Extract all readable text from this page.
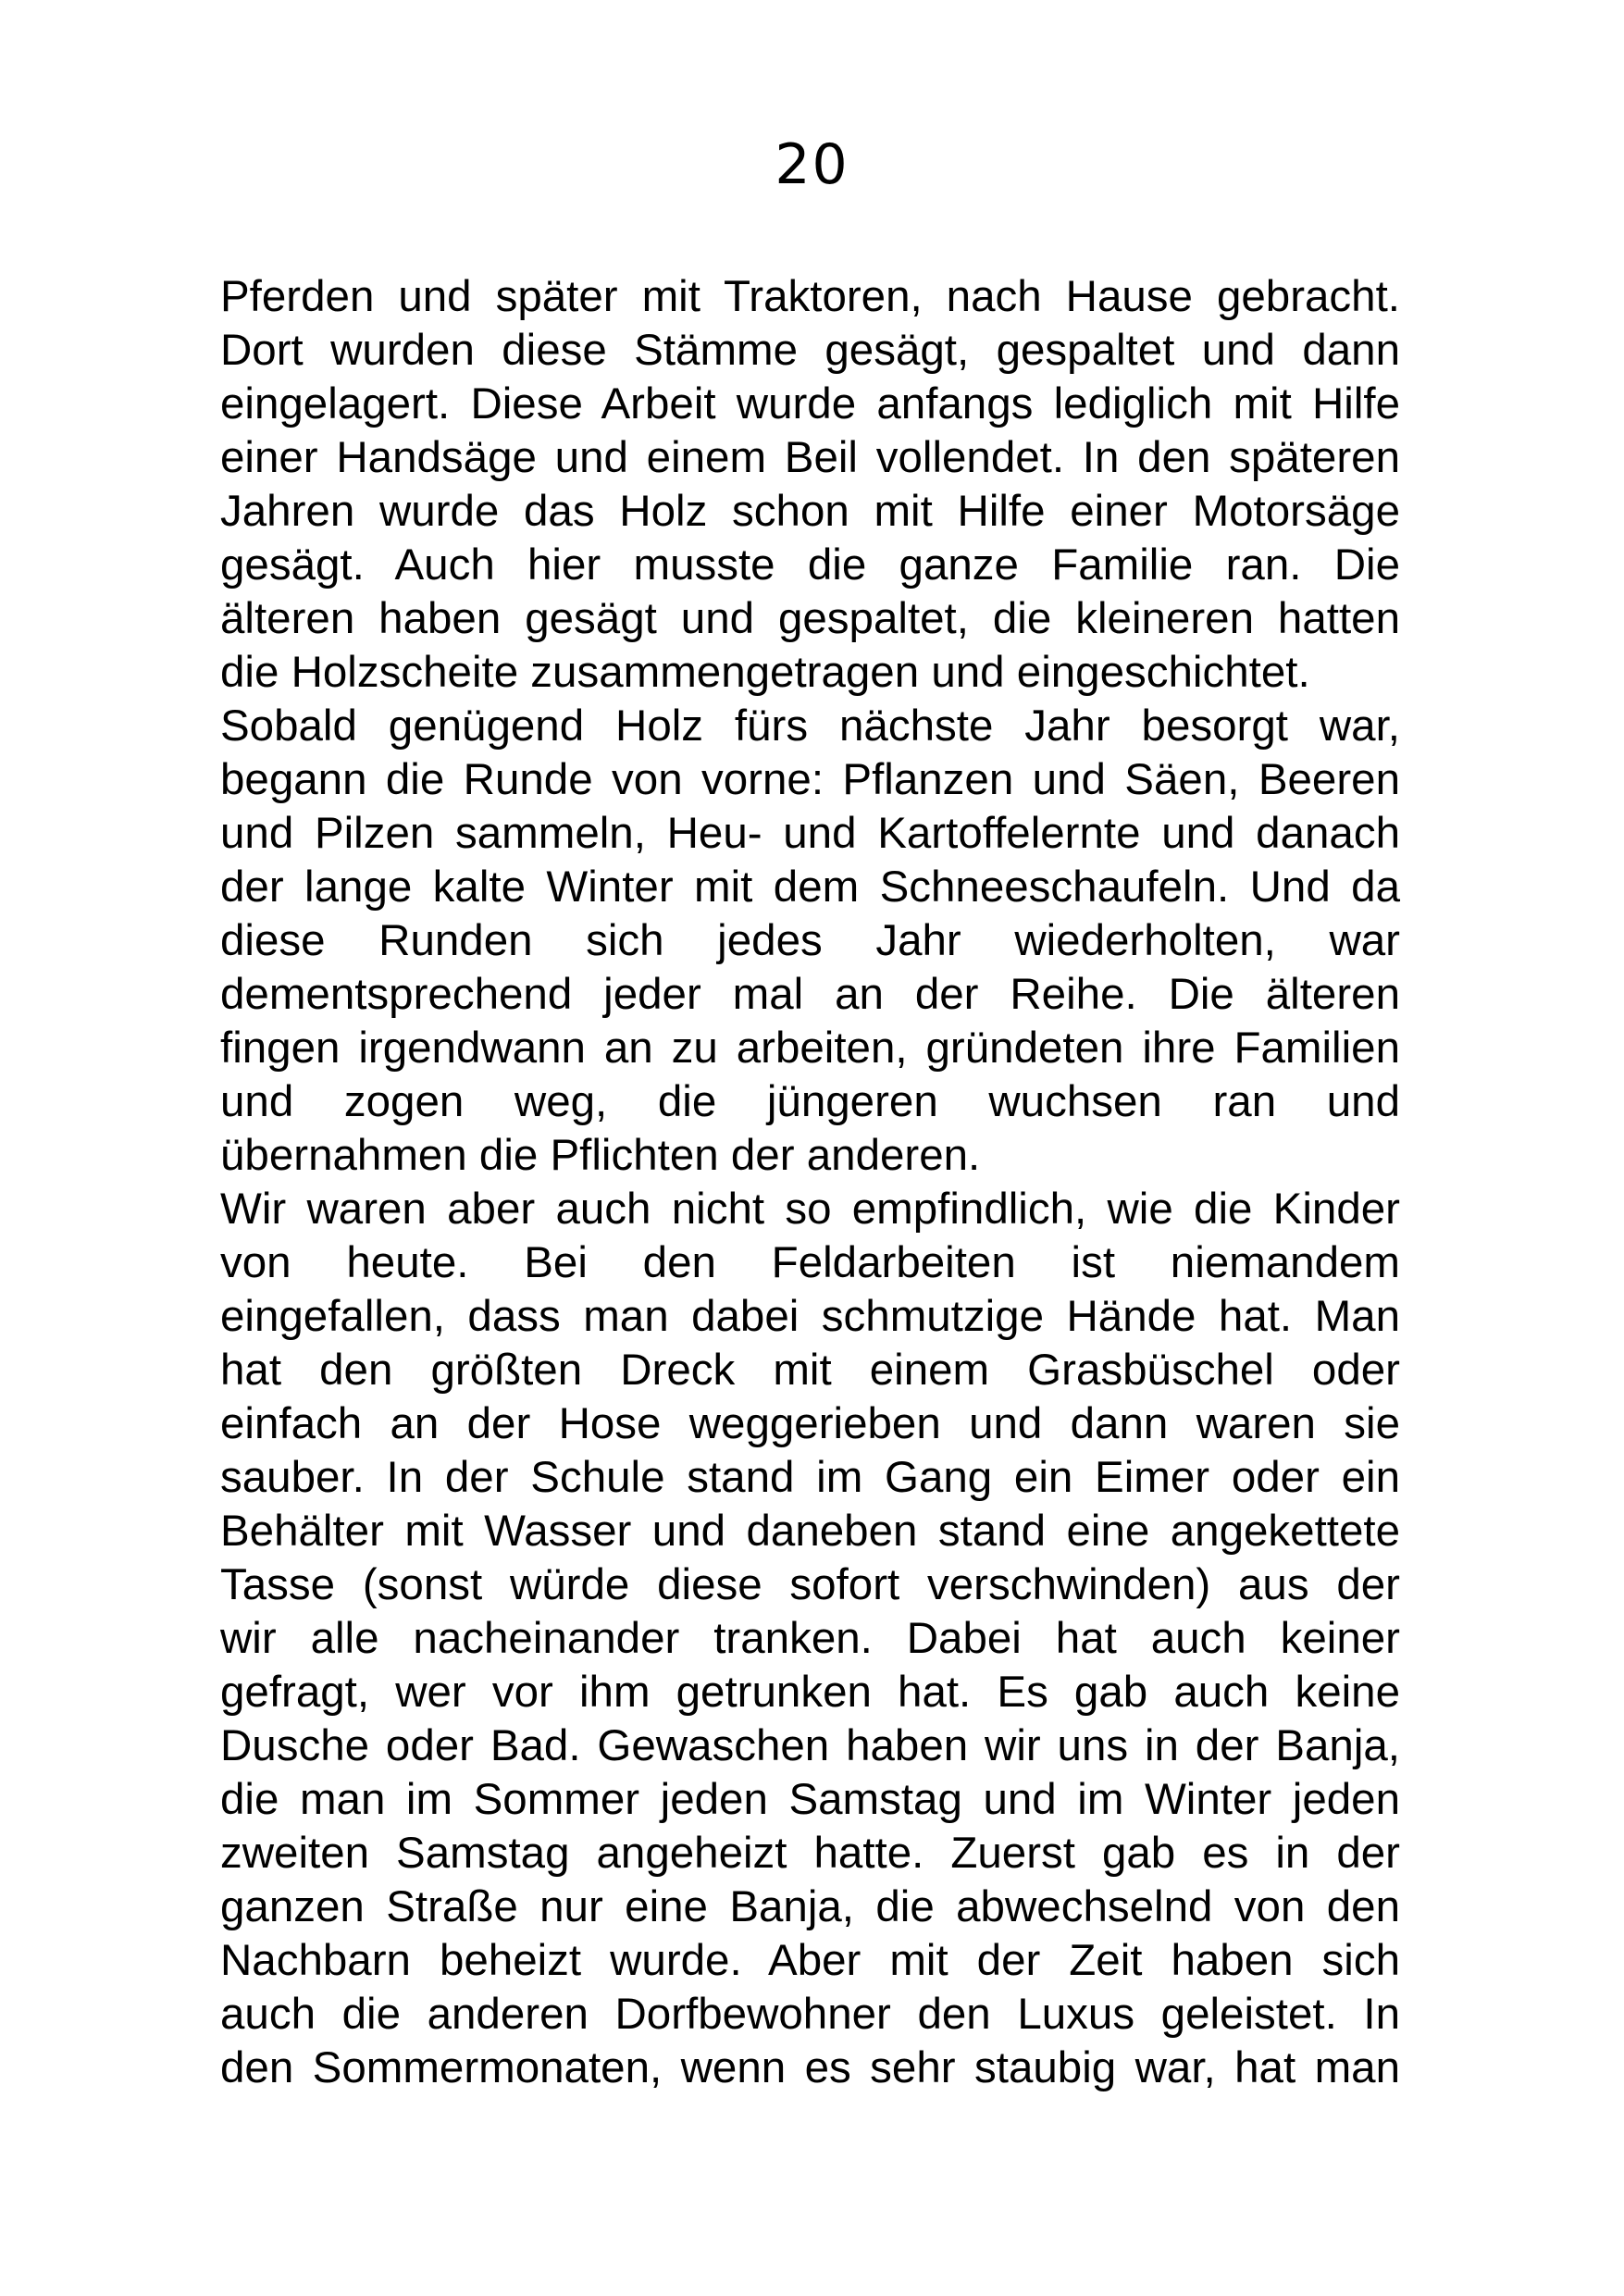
20
Pferden und später mit Traktoren, nach Hause gebracht.
Dort wurden diese Stämme gesägt, gespaltet und dann
eingelagert. Diese Arbeit wurde anfangs lediglich mit Hilfe
einer Handsäge und einem Beil vollendet. In den späteren
Jahren wurde das Holz schon mit Hilfe einer Motorsäge
gesägt. Auch hier musste die ganze Familie ran. Die
älteren haben gesägt und gespaltet, die kleineren hatten
die Holzscheite zusammengetragen und eingeschichtet.
Sobald genügend Holz fürs nächste Jahr besorgt war,
begann die Runde von vorne: Pflanzen und Säen, Beeren
und Pilzen sammeln, Heu- und Kartoffelernte und danach
der lange kalte Winter mit dem Schneeschaufeln. Und da
diese Runden sich jedes Jahr wiederholten, war
dementsprechend jeder mal an der Reihe. Die älteren
fingen irgendwann an zu arbeiten, gründeten ihre Familien
und zogen weg, die jüngeren wuchsen ran und
übernahmen die Pflichten der anderen.
Wir waren aber auch nicht so empfindlich, wie die Kinder
von heute. Bei den Feldarbeiten ist niemandem
eingefallen, dass man dabei schmutzige Hände hat. Man
hat den größten Dreck mit einem Grasbüschel oder
einfach an der Hose weggerieben und dann waren sie
sauber. In der Schule stand im Gang ein Eimer oder ein
Behälter mit Wasser und daneben stand eine angekettete
Tasse (sonst würde diese sofort verschwinden) aus der
wir alle nacheinander tranken. Dabei hat auch keiner
gefragt, wer vor ihm getrunken hat. Es gab auch keine
Dusche oder Bad. Gewaschen haben wir uns in der Banja,
die man im Sommer jeden Samstag und im Winter jeden
zweiten Samstag angeheizt hatte. Zuerst gab es in der
ganzen Straße nur eine Banja, die abwechselnd von den
Nachbarn beheizt wurde. Aber mit der Zeit haben sich
auch die anderen Dorfbewohner den Luxus geleistet. In
den Sommermonaten, wenn es sehr staubig war, hat man
